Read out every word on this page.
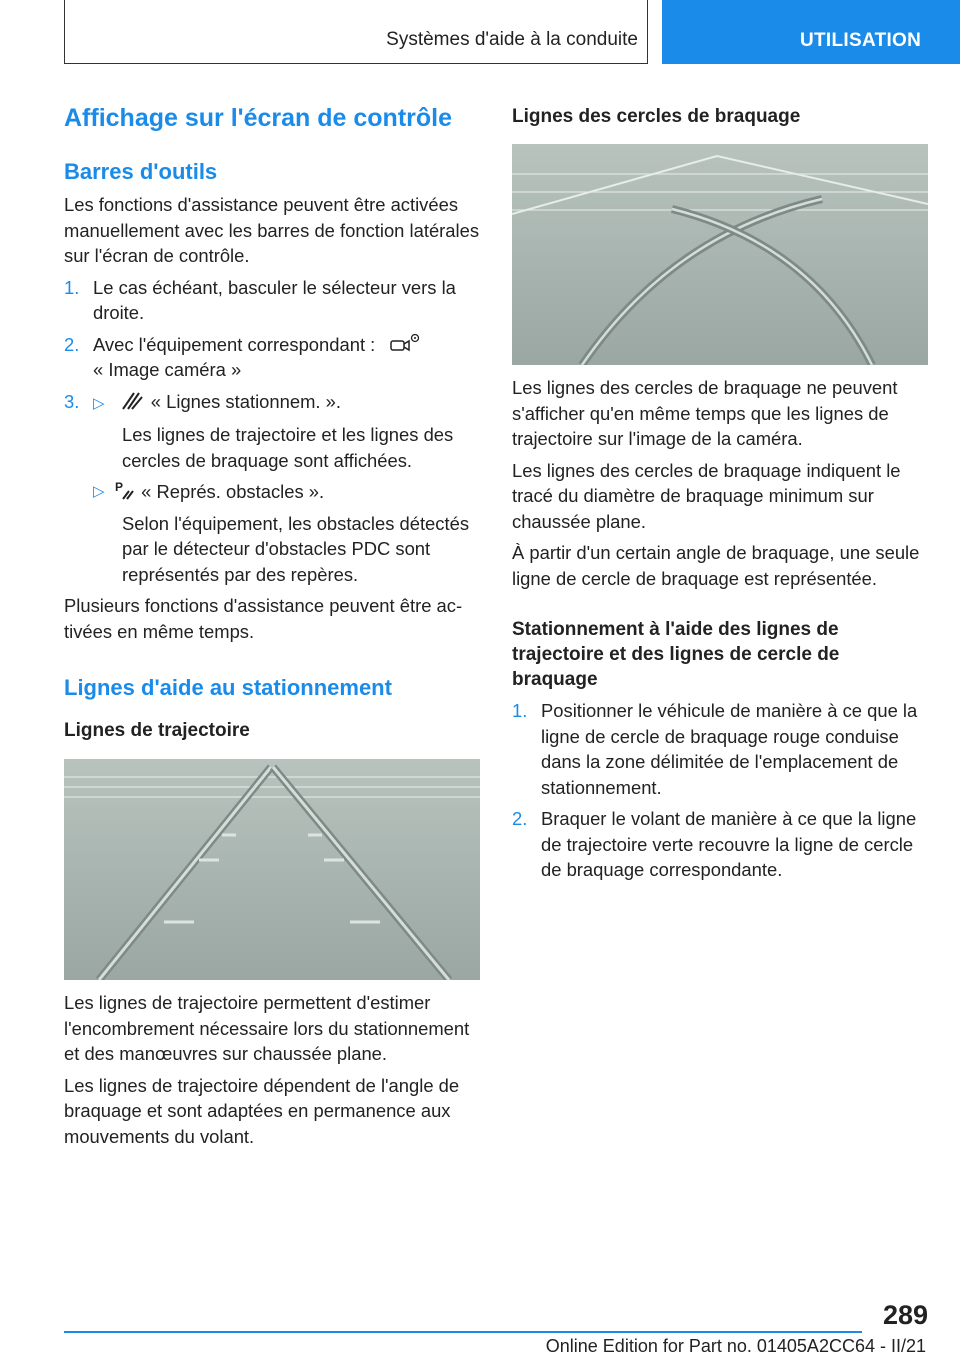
Systèmes d'aide à la conduite	UTILISATION
Affichage sur l'écran de contrôle
Barres d'outils

Les fonctions d'assistance peuvent être activées manuellement avec les barres de fonction latérales sur l'écran de contrôle.

1. Le cas échéant, basculer le sélecteur vers la droite.
2. Avec l'équipement correspondant :
« Image caméra »
3. ▷	« Lignes stationnem. ».
Les lignes de trajectoire et les lignes des cercles de braquage sont affichées.
▷ P « Représ. obstacles ».
Selon l'équipement, les obstacles détectés par le détecteur d'obstacles PDC sont représentés par des repères.

Plusieurs fonctions d'assistance peuvent être activées en même temps.

Lignes d'aide au stationnement
Lignes de trajectoire

Les lignes de trajectoire permettent d'estimer l'encombrement nécessaire lors du stationnement et des manœuvres sur chaussée plane.

Les lignes de trajectoire dépendent de l'angle de braquage et sont adaptées en permanence aux mouvements du volant.

Lignes des cercles de braquage

Les lignes des cercles de braquage ne peuvent s'afficher qu'en même temps que les lignes de trajectoire sur l'image de la caméra.

Les lignes des cercles de braquage indiquent le tracé du diamètre de braquage minimum sur chaussée plane.

À partir d'un certain angle de braquage, une seule ligne de cercle de braquage est représentée.

Stationnement à l'aide des lignes de trajectoire et des lignes de cercle de braquage
1. Positionner le véhicule de manière à ce que la ligne de cercle de braquage rouge conduise dans la zone délimitée de l'emplacement de stationnement.
2. Braquer le volant de manière à ce que la ligne de trajectoire verte recouvre la ligne de cercle de braquage correspondante.
289
Online Edition for Part no. 01405A2CC64 - II/21
